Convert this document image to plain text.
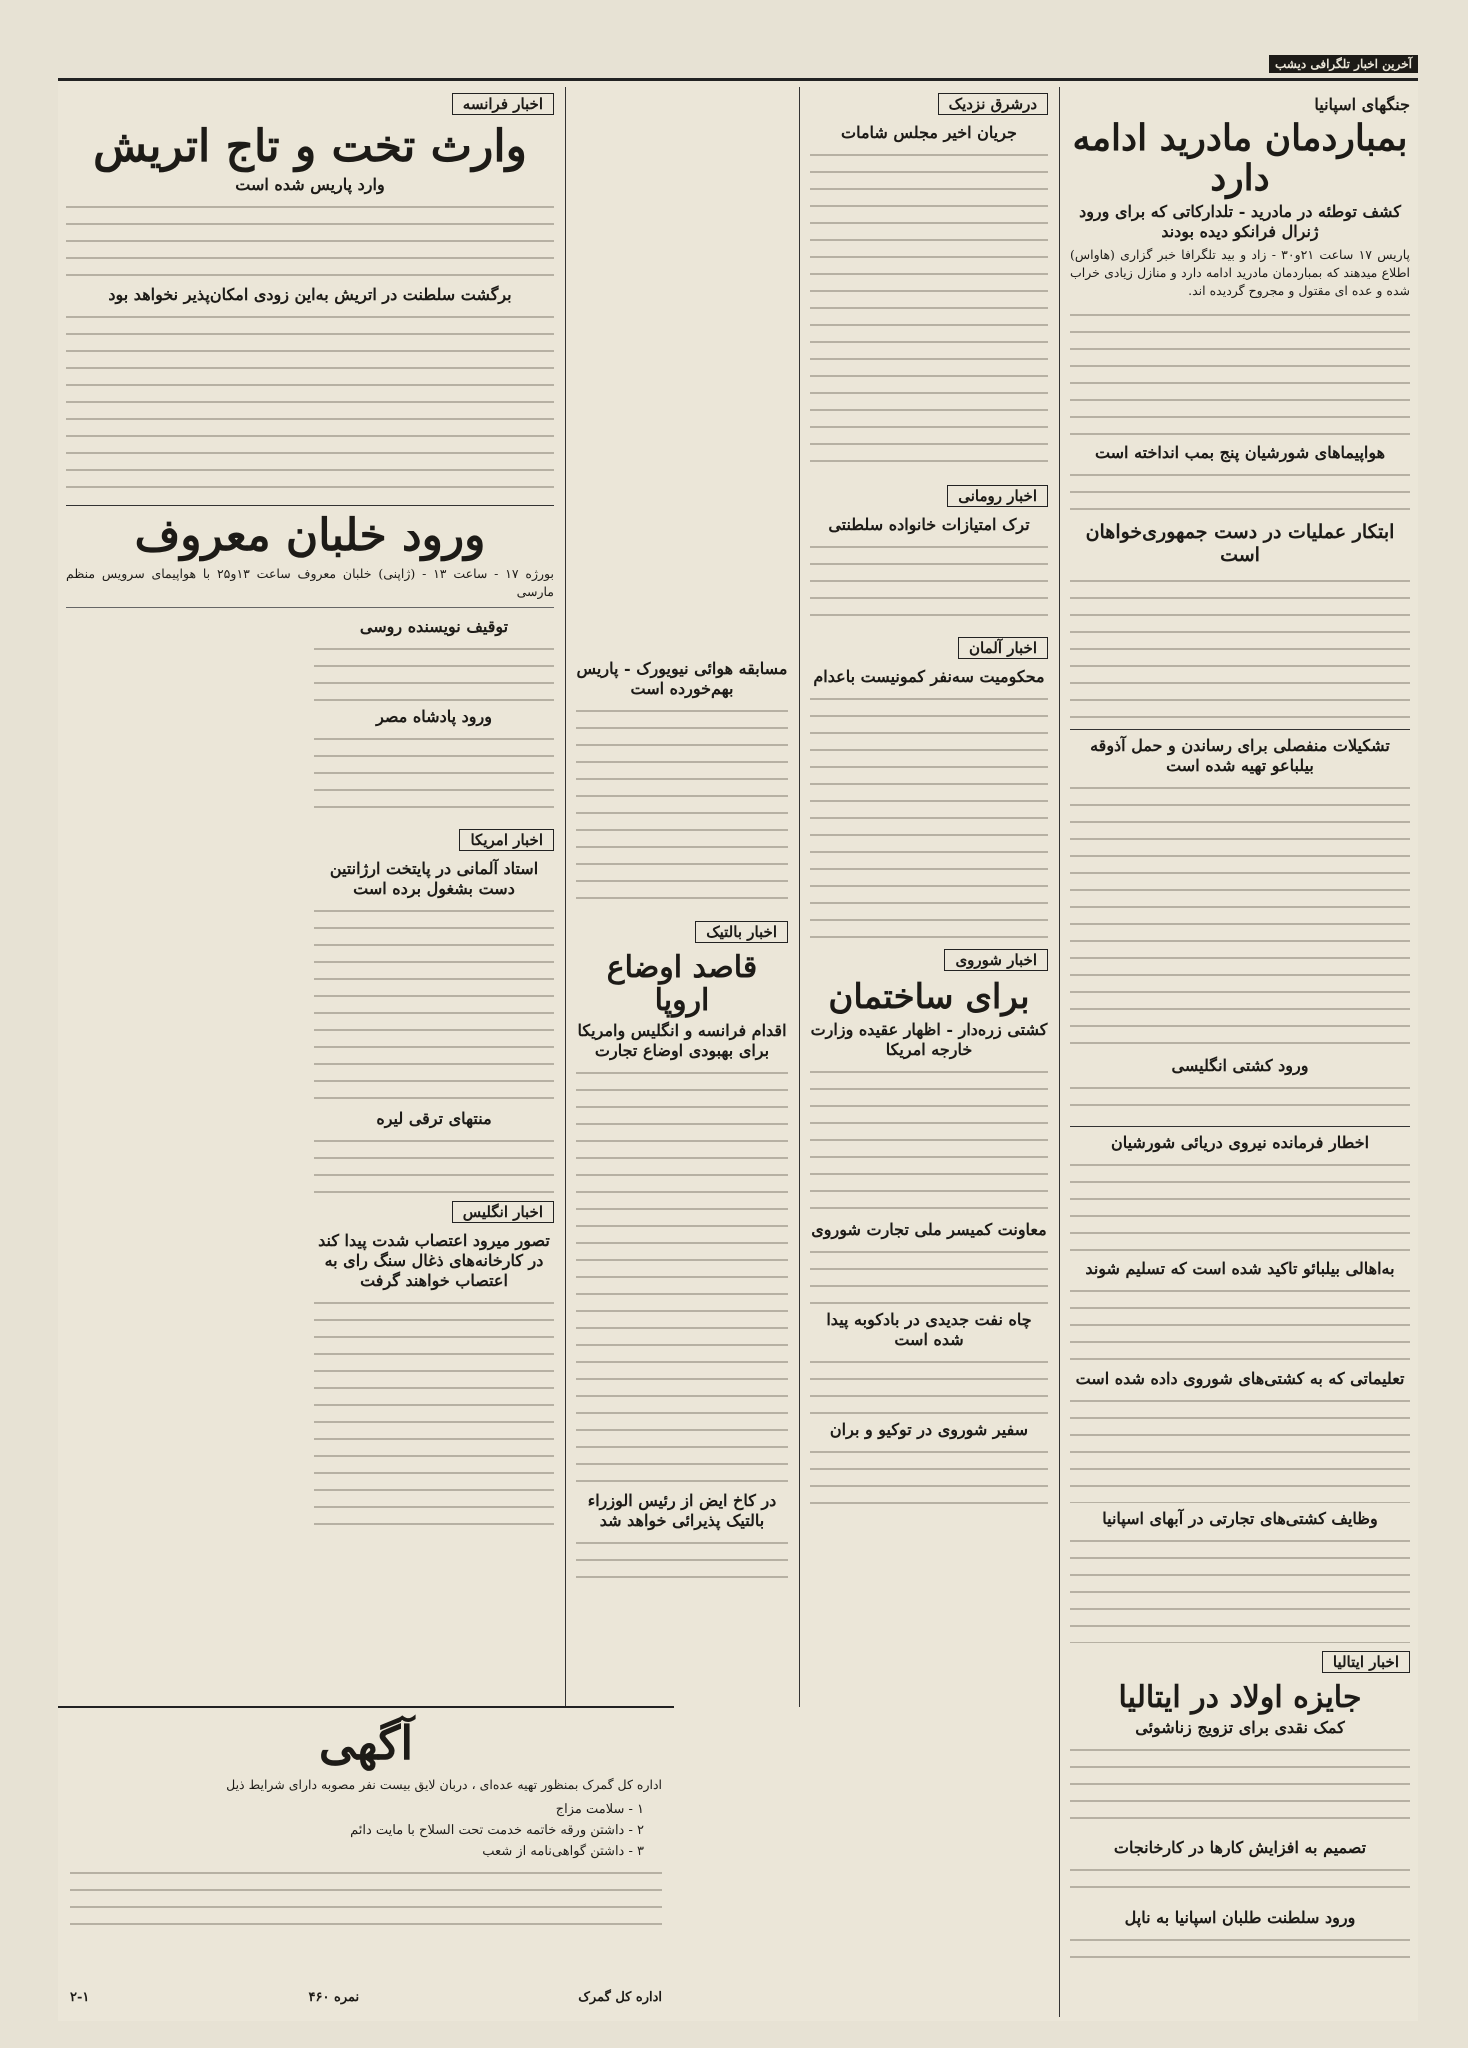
آخرین اخبار تلگرافی دیشب
جنگهای اسپانیا
بمباردمان مادرید ادامه دارد
کشف توطئه در مادرید - تلدارکاتی که برای ورود ژنرال فرانکو دیده بودند

پاریس ۱۷ ساعت ۲۱و۳۰ - زاد و بید تلگرافا خبر گزاری (هاواس) اطلاع میدهند که بمباردمان مادرید ادامه دارد و منازل زیادی خراب شده و عده ای مقتول و مجروح گردیده اند.

هواپیماهای شورشیان پنج بمب انداخته است
ابتکار عملیات در دست جمهوری‌خواهان است
تشکیلات منفصلی برای رساندن و حمل آذوقه بیلباعو تهیه شده است
ورود کشتی انگلیسی
اخطار فرمانده نیروی دریائی شورشیان
به‌اهالی بیلبائو تاکید شده است که تسلیم شوند
تعلیماتی که به کشتی‌های شوروی داده شده است
وظایف کشتی‌های تجارتی در آبهای اسپانیا
اخبار ایتالیا
جایزه اولاد در ایتالیا
کمک نقدی برای تزویج زناشوئی
تصمیم به افزایش کارها در کارخانجات
ورود سلطنت طلبان اسپانیا به ناپل
درشرق نزدیک
جریان اخیر مجلس شامات
اخبار رومانی
ترک امتیازات خانواده سلطنتی
اخبار آلمان
محکومیت سه‌نفر کمونیست باعدام
اخبار شوروی
برای ساختمان
کشتی زره‌دار - اظهار عقیده وزارت خارجه امریکا
معاونت کمیسر ملی تجارت شوروی
چاه نفت جدیدی در بادکوبه پیدا شده است
سفیر شوروی در توکیو و بران
مسابقه هوائی نیویورک - پاریس بهم‌خورده است
اخبار بالتیک
قاصد اوضاع اروپا
اقدام فرانسه و انگلیس وامریکا برای بهبودی اوضاع تجارت
در کاخ ایض از رئیس الوزراء بالتیک پذیرائی خواهد شد
اخبار فرانسه
وارث تخت و تاج اتریش
وارد پاریس شده است
برگشت سلطنت در اتریش به‌این زودی امکان‌پذیر نخواهد بود
ورود خلبان معروف

بورژه ۱۷ - ساعت ۱۳ - (ژاپنی) خلبان معروف ساعت ۱۳و۲۵ با هواپیمای سرویس منظم مارسی

توقیف نویسنده روسی
ورود پادشاه مصر
اخبار امریکا
استاد آلمانی در پایتخت ارژانتین دست بشغول برده است
منتهای ترقی لیره
اخبار انگلیس
تصور میرود اعتصاب شدت پیدا کند در کارخانه‌های ذغال سنگ رای به اعتصاب خواهند گرفت
آگهی

اداره کل گمرک بمنظور تهیه عده‌ای ، دربان لایق بیست نفر مصوبه دارای شرایط ذیل

۱ - سلامت مزاج
۲ - داشتن ورقه خاتمه خدمت تحت السلاح با مایت دائم
۳ - داشتن گواهی‌نامه از شعب
اداره کل گمرک
نمره ۴۶۰
۲-۱
